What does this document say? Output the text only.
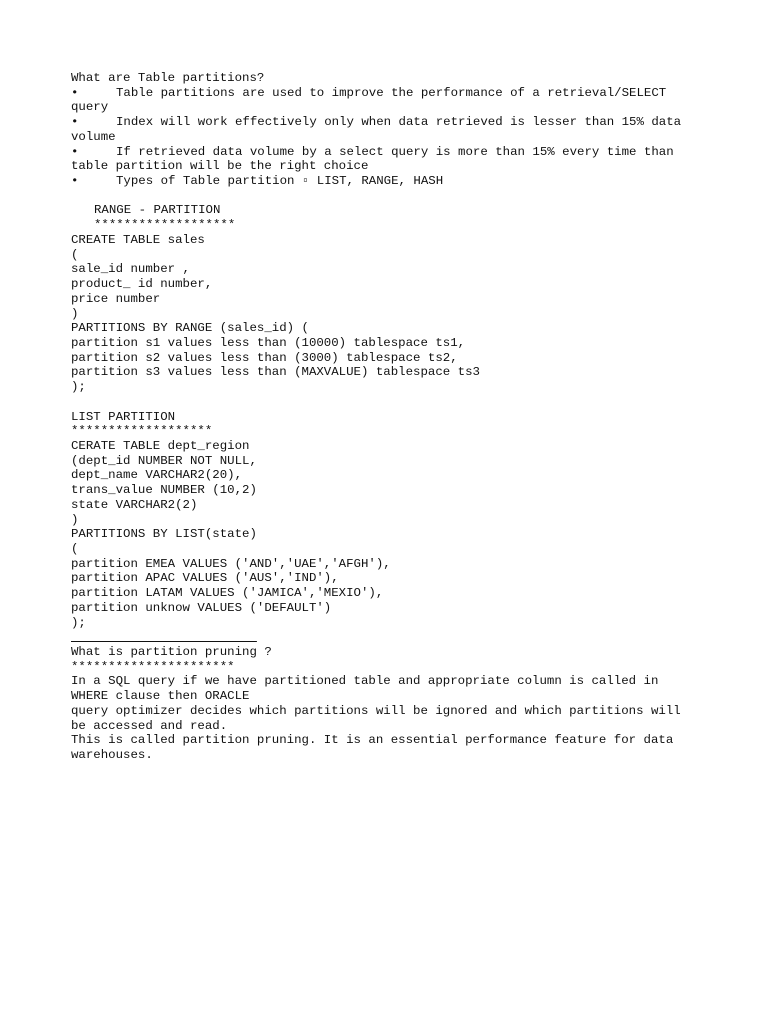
What are Table partitions?
•	Table partitions are used to improve the performance of a retrieval/SELECT
query
•	Index will work effectively only when data retrieved is lesser than 15% data
volume
•	If retrieved data volume by a select query is more than 15% every time than
table partition will be the right choice
•	Types of Table partition ▫ LIST, RANGE, HASH
RANGE - PARTITION
*******************
CREATE TABLE sales
(
sale_id number ,
product_ id number,
price number
)
PARTITIONS BY RANGE (sales_id) (
partition s1 values less than (10000) tablespace ts1,
partition s2 values less than (3000) tablespace ts2,
partition s3 values less than (MAXVALUE) tablespace ts3
);
LIST PARTITION
*******************
CERATE TABLE dept_region
(dept_id NUMBER NOT NULL,
dept_name VARCHAR2(20),
trans_value NUMBER (10,2)
state VARCHAR2(2)
)
PARTITIONS BY LIST(state)
(
partition EMEA VALUES ('AND','UAE','AFGH'),
partition APAC VALUES ('AUS','IND'),
partition LATAM VALUES ('JAMICA','MEXIO'),
partition unknow VALUES ('DEFAULT')
);

What is partition pruning ?
**********************
In a SQL query if we have partitioned table and appropriate column is called in
WHERE clause then ORACLE
query optimizer decides which partitions will be ignored and which partitions will
be accessed and read.
This is called partition pruning. It is an essential performance feature for data
warehouses.
